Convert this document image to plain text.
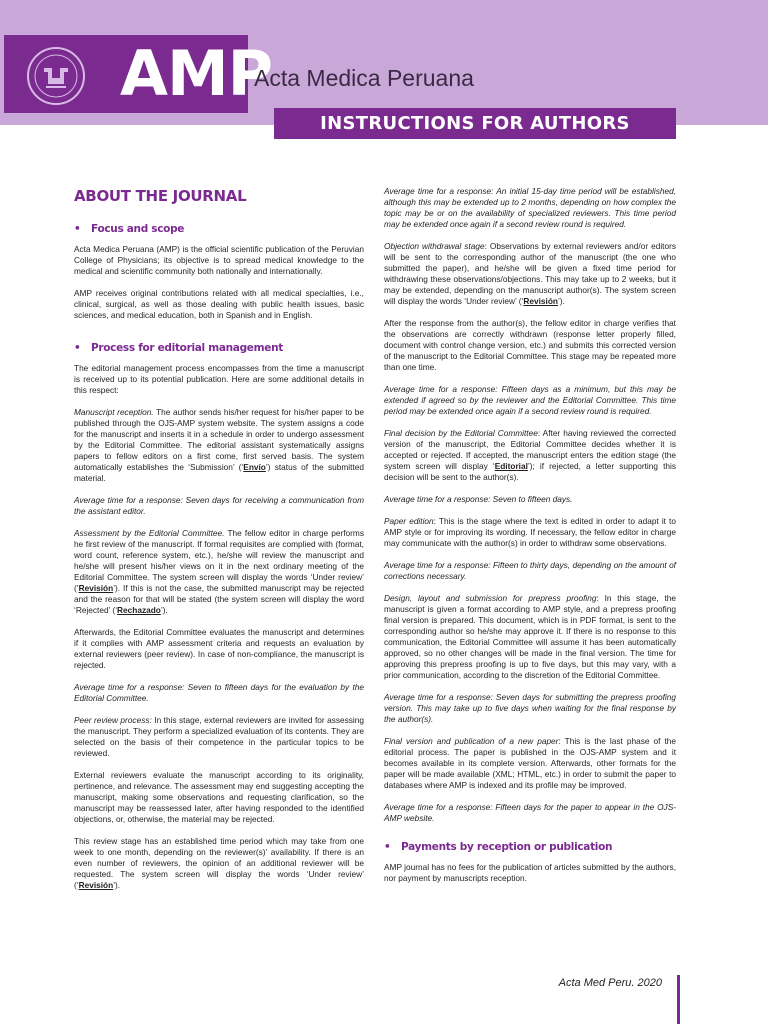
AMP
Acta Medica Peruana
INSTRUCTIONS FOR AUTHORS
ABOUT THE JOURNAL
• Focus and scope

Acta Medica Peruana (AMP) is the official scientific publication of the Peruvian College of Physicians; its objective is to spread medical knowledge to the medical and scientific community both nationally and internationally.

AMP receives original contributions related with all medical specialties, i.e., clinical, surgical, as well as those dealing with public health issues, basic sciences, and medical education, both in Spanish and in English.

• Process for editorial management

The editorial management process encompasses from the time a manuscript is received up to its potential publication. Here are some additional details in this respect:

Manuscript reception. The author sends his/her request for his/her paper to be published through the OJS-AMP system website. The system assigns a code for the manuscript and inserts it in a schedule in order to undergo assessment by the Editorial Committee. The editorial assistant systematically assigns papers to fellow editors on a first come, first served basis. The system automatically establishes the ‘Submission’ (‘Envío’) status of the submitted material.

Average time for a response: Seven days for receiving a communication from the assistant editor.

Assessment by the Editorial Committee. The fellow editor in charge performs he first review of the manuscript. If formal requisites are complied with (format, word count, reference system, etc.), he/she will review the manuscript and he/she will present his/her views on it in the next ordinary meeting of the Editorial Committee. The system screen will display the words ‘Under review’ (‘Revisión’). If this is not the case, the submitted manuscript may be rejected and the reason for that will be stated (the system screen will display the word ‘Rejected’ (‘Rechazado’).

Afterwards, the Editorial Committee evaluates the manuscript and determines if it complies with AMP assessment criteria and requests an evaluation by external reviewers (peer review). In case of non-compliance, the manuscript is rejected.

Average time for a response: Seven to fifteen days for the evaluation by the Editorial Committee.

Peer review process: In this stage, external reviewers are invited for assessing the manuscript. They perform a specialized evaluation of its contents. They are selected on the basis of their competence in the particular topics to be reviewed.

External reviewers evaluate the manuscript according to its originality, pertinence, and relevance. The assessment may end suggesting accepting the manuscript, making some observations and requesting clarification, so the manuscript may be reassessed later, after having responded to the identified objections, or, otherwise, the material may be rejected.

This review stage has an established time period which may take from one week to one month, depending on the reviewer(s)’ availability. If there is an even number of reviewers, the opinion of an additional reviewer will be requested. The system screen will display the words ‘Under review’ (‘Revisión’).

Average time for a response: An initial 15-day time period will be established, although this may be extended up to 2 months, depending on how complex the topic may be or on the availability of specialized reviewers. This time period may be extended once again if a second review round is required.

Objection withdrawal stage: Observations by external reviewers and/or editors will be sent to the corresponding author of the manuscript (the one who submitted the paper), and he/she will be given a fixed time period for withdrawing these observations/objections. This may take up to 2 weeks, but it may be extended, depending on the manuscript author(s). The system screen will display the words ‘Under review’ (‘Revisión’).

After the response from the author(s), the fellow editor in charge verifies that the observations are correctly withdrawn (response letter properly filled, document with control change version, etc.) and submits this corrected version of the manuscript to the Editorial Committee. This stage may be repeated more than one time.

Average time for a response: Fifteen days as a minimum, but this may be extended if agreed so by the reviewer and the Editorial Committee. This time period may be extended once again if a second review round is required.

Final decision by the Editorial Committee: After having reviewed the corrected version of the manuscript, the Editorial Committee decides whether it is accepted or rejected. If accepted, the manuscript enters the edition stage (the system screen will display ‘Editorial’); if rejected, a letter supporting this decision will be sent to the author(s).

Average time for a response: Seven to fifteen days.

Paper edition: This is the stage where the text is edited in order to adapt it to AMP style or for improving its wording. If necessary, the fellow editor in charge may communicate with the author(s) in order to withdraw some observations.

Average time for a response: Fifteen to thirty days, depending on the amount of corrections necessary.

Design, layout and submission for prepress proofing: In this stage, the manuscript is given a format according to AMP style, and a prepress proofing final version is prepared. This document, which is in PDF format, is sent to the corresponding author so he/she may approve it. If there is no response to this communication, the Editorial Committee will assume it has been automatically approved, so no other changes will be made in the final version. The time for approving this prepress proofing is up to five days, but this may vary, with a prior communication, according to the discretion of the Editorial Committee.

Average time for a response: Seven days for submitting the prepress proofing version. This may take up to five days when waiting for the final response by the author(s).

Final version and publication of a new paper: This is the last phase of the editorial process. The paper is published in the OJS-AMP system and it becomes available in its complete version. Afterwards, other formats for the paper will be made available (XML; HTML, etc.) in order to submit the paper to databases where AMP is indexed and its profile may be improved.

Average time for a response: Fifteen days for the paper to appear in the OJS-AMP website.

• Payments by reception or publication

AMP journal has no fees for the publication of articles submitted by the authors, nor payment by manuscripts reception.

Acta Med Peru. 2020
